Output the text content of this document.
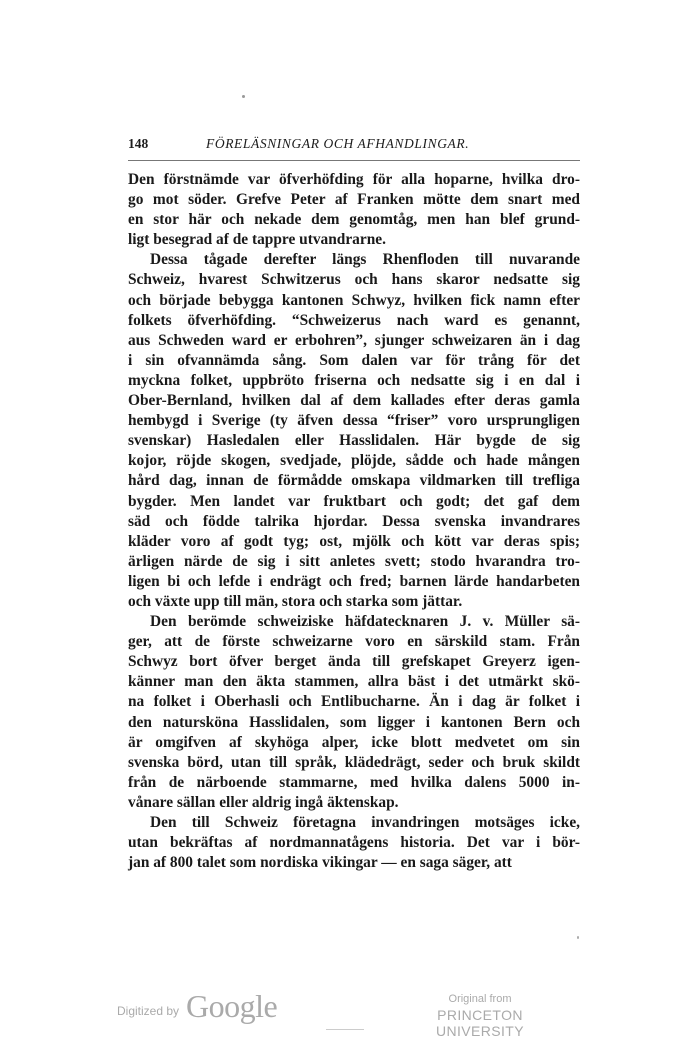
148	FÖRELÄSNINGAR OCH AFHANDLINGAR.
Den förstnämde var öfverhöfding för alla hoparne, hvilka dro-
go mot söder. Grefve Peter af Franken mötte dem snart med
en stor här och nekade dem genomtåg, men han blef grund-
ligt besegrad af de tappre utvandrarne.
Dessa tågade derefter längs Rhenfloden till nuvarande
Schweiz, hvarest Schwitzerus och hans skaror nedsatte sig
och började bebygga kantonen Schwyz, hvilken fick namn efter
folkets öfverhöfding. “Schweizerus nach ward es genannt,
aus Schweden ward er erbohren”, sjunger schweizaren än i dag
i sin ofvannämda sång. Som dalen var för trång för det
myckna folket, uppbröto friserna och nedsatte sig i en dal i
Ober-Bernland, hvilken dal af dem kallades efter deras gamla
hembygd i Sverige (ty äfven dessa “friser” voro ursprungligen
svenskar) Hasledalen eller Hasslidalen. Här bygde de sig
kojor, röjde skogen, svedjade, plöjde, sådde och hade mången
hård dag, innan de förmådde omskapa vildmarken till trefliga
bygder. Men landet var fruktbart och godt; det gaf dem
säd och födde talrika hjordar. Dessa svenska invandrares
kläder voro af godt tyg; ost, mjölk och kött var deras spis;
ärligen närde de sig i sitt anletes svett; stodo hvarandra tro-
ligen bi och lefde i endrägt och fred; barnen lärde handarbeten
och växte upp till män, stora och starka som jättar.
Den berömde schweiziske häfdatecknaren J. v. Müller sä-
ger, att de förste schweizarne voro en särskild stam. Från
Schwyz bort öfver berget ända till grefskapet Greyerz igen-
känner man den äkta stammen, allra bäst i det utmärkt skö-
na folket i Oberhasli och Entlibucharne. Än i dag är folket i
den natursköna Hasslidalen, som ligger i kantonen Bern och
är omgifven af skyhöga alper, icke blott medvetet om sin
svenska börd, utan till språk, klädedrägt, seder och bruk skildt
från de närboende stammarne, med hvilka dalens 5000 in-
vånare sällan eller aldrig ingå äktenskap.
Den till Schweiz företagna invandringen motsäges icke,
utan bekräftas af nordmannatågens historia. Det var i bör-
jan af 800 talet som nordiska vikingar — en saga säger, att
Digitized by Google	Original from
PRINCETON UNIVERSITY
